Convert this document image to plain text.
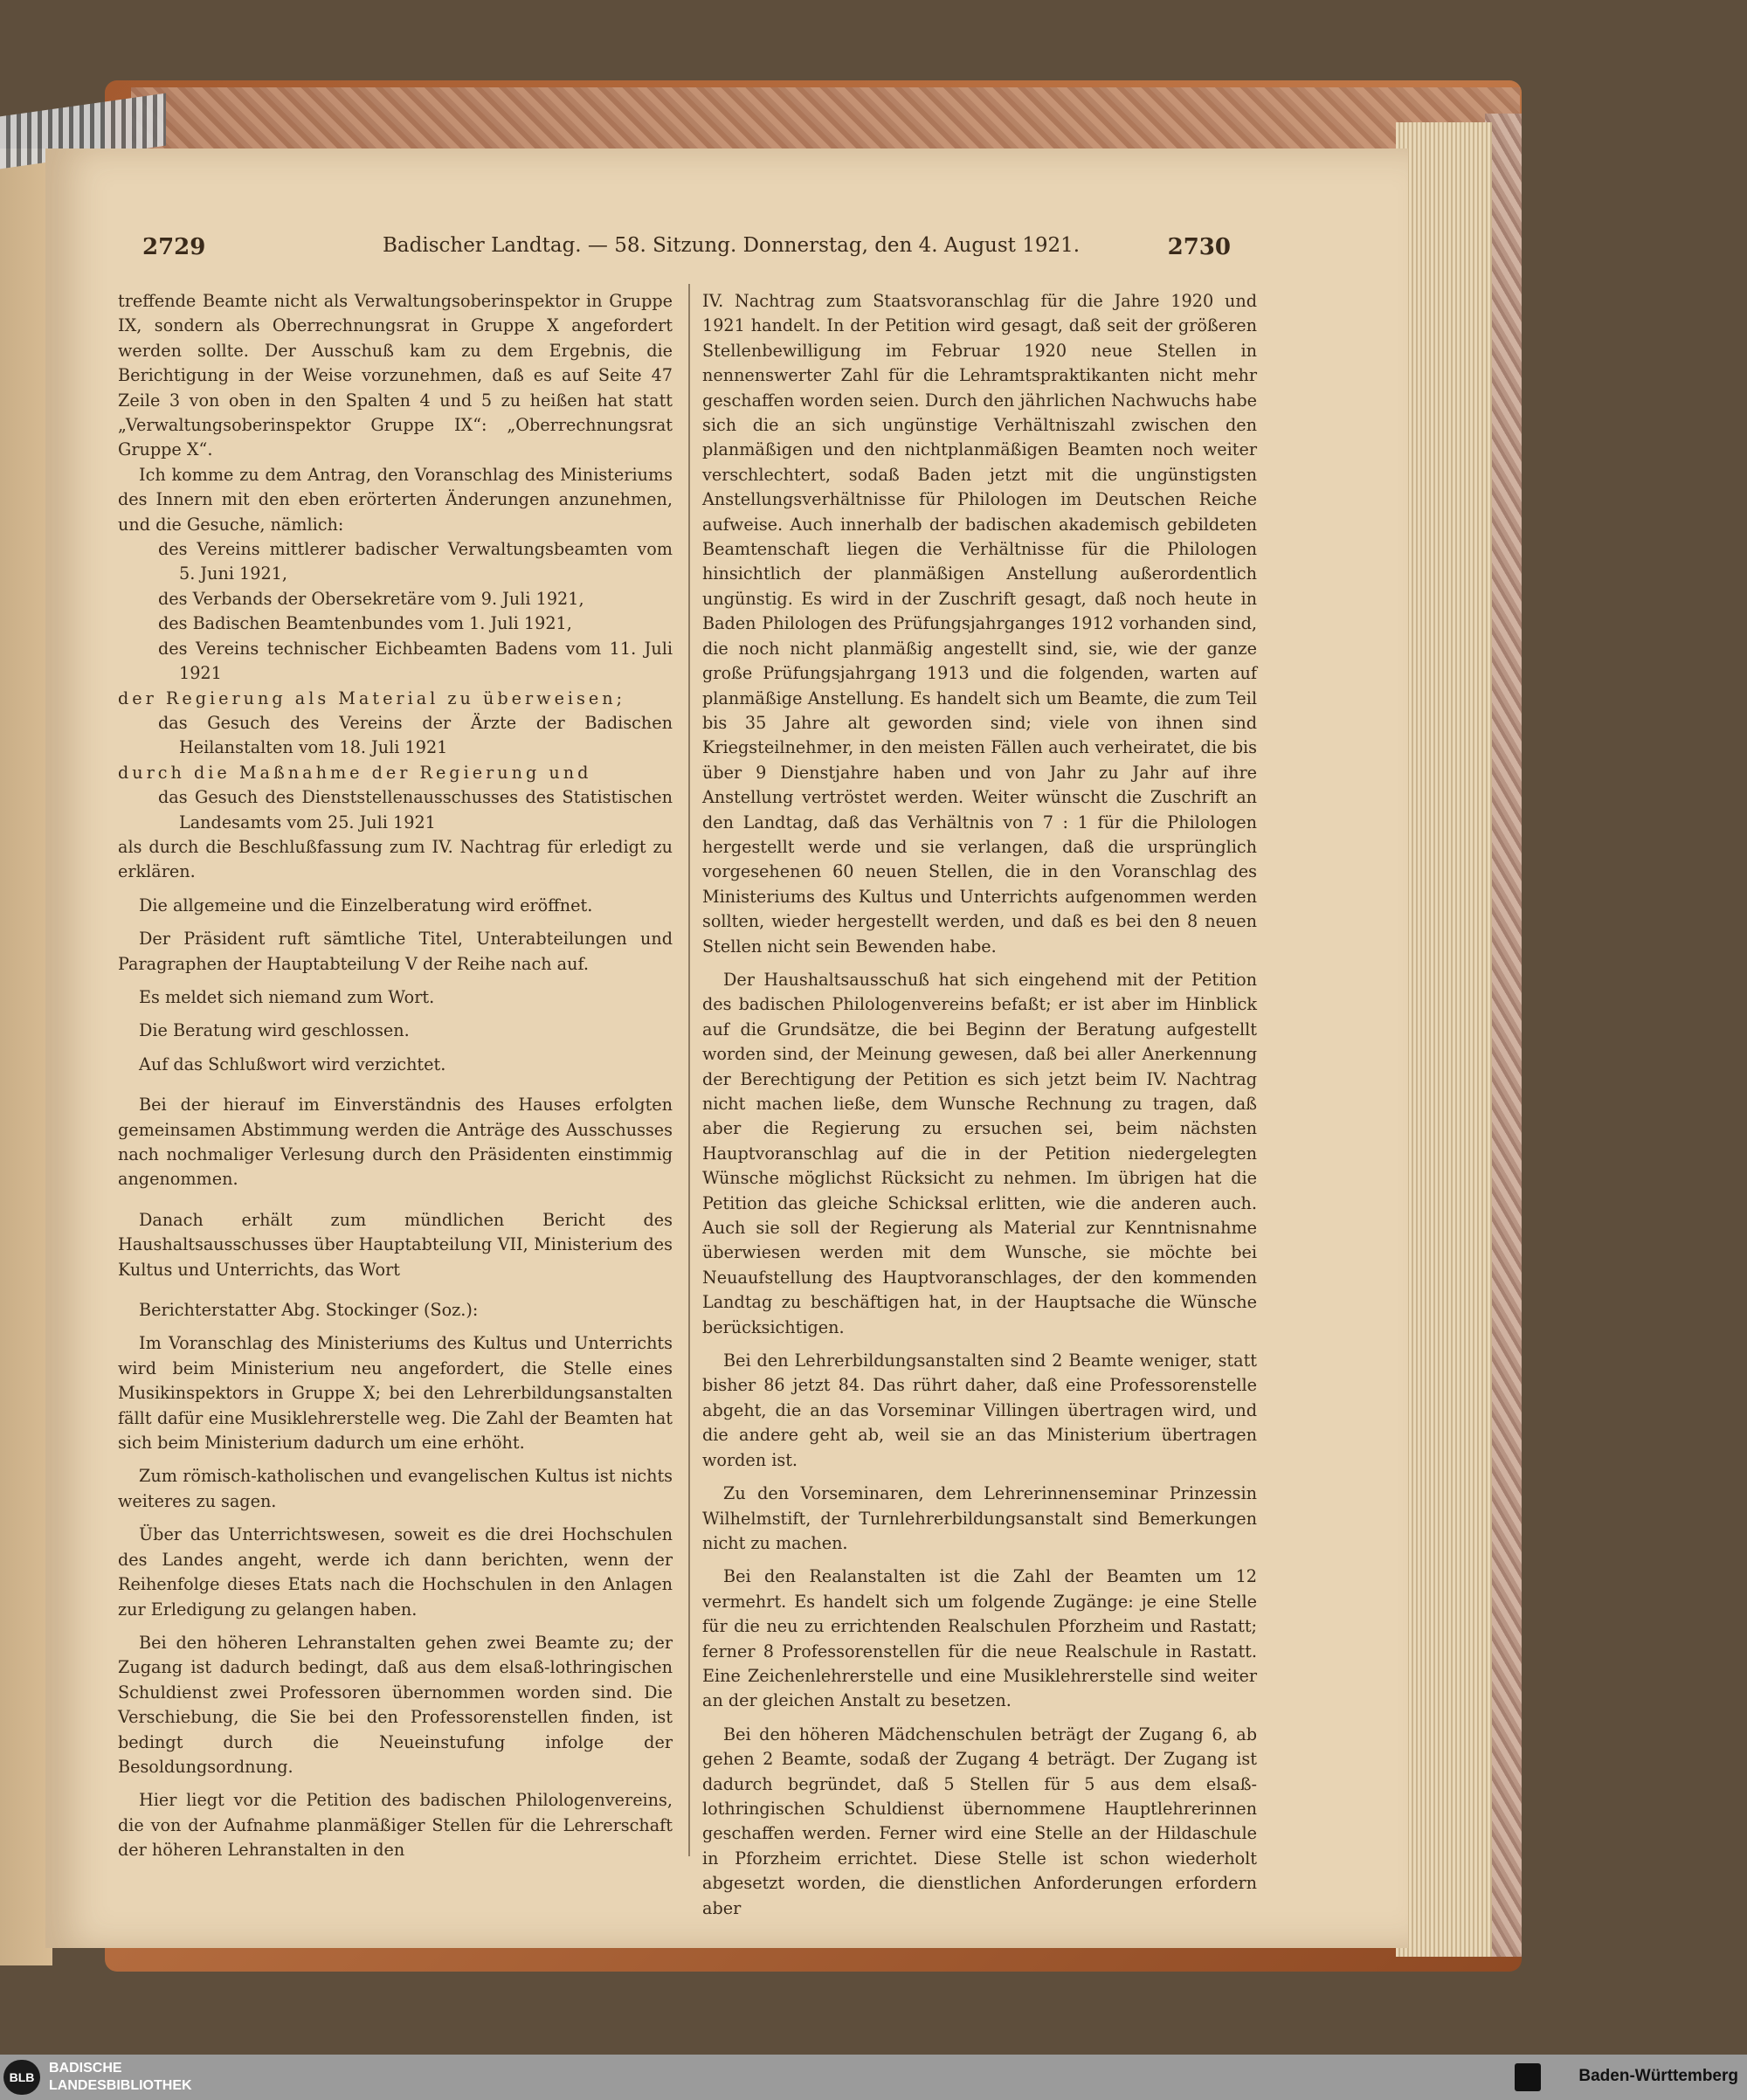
2729	Badischer Landtag. — 58. Sitzung. Donnerstag, den 4. August 1921.	2730

treffende Beamte nicht als Verwaltungsoberinspektor in Gruppe IX, sondern als Oberrechnungsrat in Gruppe X angefordert werden sollte. Der Ausschuß kam zu dem Ergebnis, die Berichtigung in der Weise vorzunehmen, daß es auf Seite 47 Zeile 3 von oben in den Spalten 4 und 5 zu heißen hat statt „Verwaltungsoberinspektor Gruppe IX“: „Oberrechnungsrat Gruppe X“.

Ich komme zu dem Antrag, den Voranschlag des Ministeriums des Innern mit den eben erörterten Änderungen anzunehmen, und die Gesuche, nämlich:

des Vereins mittlerer badischer Verwaltungsbeamten vom 5. Juni 1921,

des Verbands der Obersekretäre vom 9. Juli 1921,

des Badischen Beamtenbundes vom 1. Juli 1921,

des Vereins technischer Eichbeamten Badens vom 11. Juli 1921

der Regierung als Material zu überweisen;

das Gesuch des Vereins der Ärzte der Badischen Heilanstalten vom 18. Juli 1921

durch die Maßnahme der Regierung und

das Gesuch des Dienststellenausschusses des Statistischen Landesamts vom 25. Juli 1921

als durch die Beschlußfassung zum IV. Nachtrag für erledigt zu erklären.

Die allgemeine und die Einzelberatung wird eröffnet.

Der Präsident ruft sämtliche Titel, Unterabteilungen und Paragraphen der Hauptabteilung V der Reihe nach auf.

Es meldet sich niemand zum Wort.

Die Beratung wird geschlossen.

Auf das Schlußwort wird verzichtet.

Bei der hierauf im Einverständnis des Hauses erfolgten gemeinsamen Abstimmung werden die Anträge des Ausschusses nach nochmaliger Verlesung durch den Präsidenten einstimmig angenommen.

Danach erhält zum mündlichen Bericht des Haushaltsausschusses über Hauptabteilung VII, Ministerium des Kultus und Unterrichts, das Wort

Berichterstatter Abg. Stockinger (Soz.):

Im Voranschlag des Ministeriums des Kultus und Unterrichts wird beim Ministerium neu angefordert, die Stelle eines Musikinspektors in Gruppe X; bei den Lehrerbildungsanstalten fällt dafür eine Musiklehrerstelle weg. Die Zahl der Beamten hat sich beim Ministerium dadurch um eine erhöht.

Zum römisch-katholischen und evangelischen Kultus ist nichts weiteres zu sagen.

Über das Unterrichtswesen, soweit es die drei Hochschulen des Landes angeht, werde ich dann berichten, wenn der Reihenfolge dieses Etats nach die Hochschulen in den Anlagen zur Erledigung zu gelangen haben.

Bei den höheren Lehranstalten gehen zwei Beamte zu; der Zugang ist dadurch bedingt, daß aus dem elsaß-lothringischen Schuldienst zwei Professoren übernommen worden sind. Die Verschiebung, die Sie bei den Professorenstellen finden, ist bedingt durch die Neueinstufung infolge der Besoldungsordnung.

Hier liegt vor die Petition des badischen Philologenvereins, die von der Aufnahme planmäßiger Stellen für die Lehrerschaft der höheren Lehranstalten in den

IV. Nachtrag zum Staatsvoranschlag für die Jahre 1920 und 1921 handelt. In der Petition wird gesagt, daß seit der größeren Stellenbewilligung im Februar 1920 neue Stellen in nennenswerter Zahl für die Lehramtspraktikanten nicht mehr geschaffen worden seien. Durch den jährlichen Nachwuchs habe sich die an sich ungünstige Verhältniszahl zwischen den planmäßigen und den nichtplanmäßigen Beamten noch weiter verschlechtert, sodaß Baden jetzt mit die ungünstigsten Anstellungsverhältnisse für Philologen im Deutschen Reiche aufweise. Auch innerhalb der badischen akademisch gebildeten Beamtenschaft liegen die Verhältnisse für die Philologen hinsichtlich der planmäßigen Anstellung außerordentlich ungünstig. Es wird in der Zuschrift gesagt, daß noch heute in Baden Philologen des Prüfungsjahrganges 1912 vorhanden sind, die noch nicht planmäßig angestellt sind, sie, wie der ganze große Prüfungsjahrgang 1913 und die folgenden, warten auf planmäßige Anstellung. Es handelt sich um Beamte, die zum Teil bis 35 Jahre alt geworden sind; viele von ihnen sind Kriegsteilnehmer, in den meisten Fällen auch verheiratet, die bis über 9 Dienstjahre haben und von Jahr zu Jahr auf ihre Anstellung vertröstet werden. Weiter wünscht die Zuschrift an den Landtag, daß das Verhältnis von 7 : 1 für die Philologen hergestellt werde und sie verlangen, daß die ursprünglich vorgesehenen 60 neuen Stellen, die in den Voranschlag des Ministeriums des Kultus und Unterrichts aufgenommen werden sollten, wieder hergestellt werden, und daß es bei den 8 neuen Stellen nicht sein Bewenden habe.

Der Haushaltsausschuß hat sich eingehend mit der Petition des badischen Philologenvereins befaßt; er ist aber im Hinblick auf die Grundsätze, die bei Beginn der Beratung aufgestellt worden sind, der Meinung gewesen, daß bei aller Anerkennung der Berechtigung der Petition es sich jetzt beim IV. Nachtrag nicht machen ließe, dem Wunsche Rechnung zu tragen, daß aber die Regierung zu ersuchen sei, beim nächsten Hauptvoranschlag auf die in der Petition niedergelegten Wünsche möglichst Rücksicht zu nehmen. Im übrigen hat die Petition das gleiche Schicksal erlitten, wie die anderen auch. Auch sie soll der Regierung als Material zur Kenntnisnahme überwiesen werden mit dem Wunsche, sie möchte bei Neuaufstellung des Hauptvoranschlages, der den kommenden Landtag zu beschäftigen hat, in der Hauptsache die Wünsche berücksichtigen.

Bei den Lehrerbildungsanstalten sind 2 Beamte weniger, statt bisher 86 jetzt 84. Das rührt daher, daß eine Professorenstelle abgeht, die an das Vorseminar Villingen übertragen wird, und die andere geht ab, weil sie an das Ministerium übertragen worden ist.

Zu den Vorseminaren, dem Lehrerinnenseminar Prinzessin Wilhelmstift, der Turnlehrerbildungsanstalt sind Bemerkungen nicht zu machen.

Bei den Realanstalten ist die Zahl der Beamten um 12 vermehrt. Es handelt sich um folgende Zugänge: je eine Stelle für die neu zu errichtenden Realschulen Pforzheim und Rastatt; ferner 8 Professorenstellen für die neue Realschule in Rastatt. Eine Zeichenlehrerstelle und eine Musiklehrerstelle sind weiter an der gleichen Anstalt zu besetzen.

Bei den höheren Mädchenschulen beträgt der Zugang 6, ab gehen 2 Beamte, sodaß der Zugang 4 beträgt. Der Zugang ist dadurch begründet, daß 5 Stellen für 5 aus dem elsaß-lothringischen Schuldienst übernommene Hauptlehrerinnen geschaffen werden. Ferner wird eine Stelle an der Hildaschule in Pforzheim errichtet. Diese Stelle ist schon wiederholt abgesetzt worden, die dienstlichen Anforderungen erfordern aber

BLB
BADISCHE
LANDESBIBLIOTHEK
Baden-Württemberg
